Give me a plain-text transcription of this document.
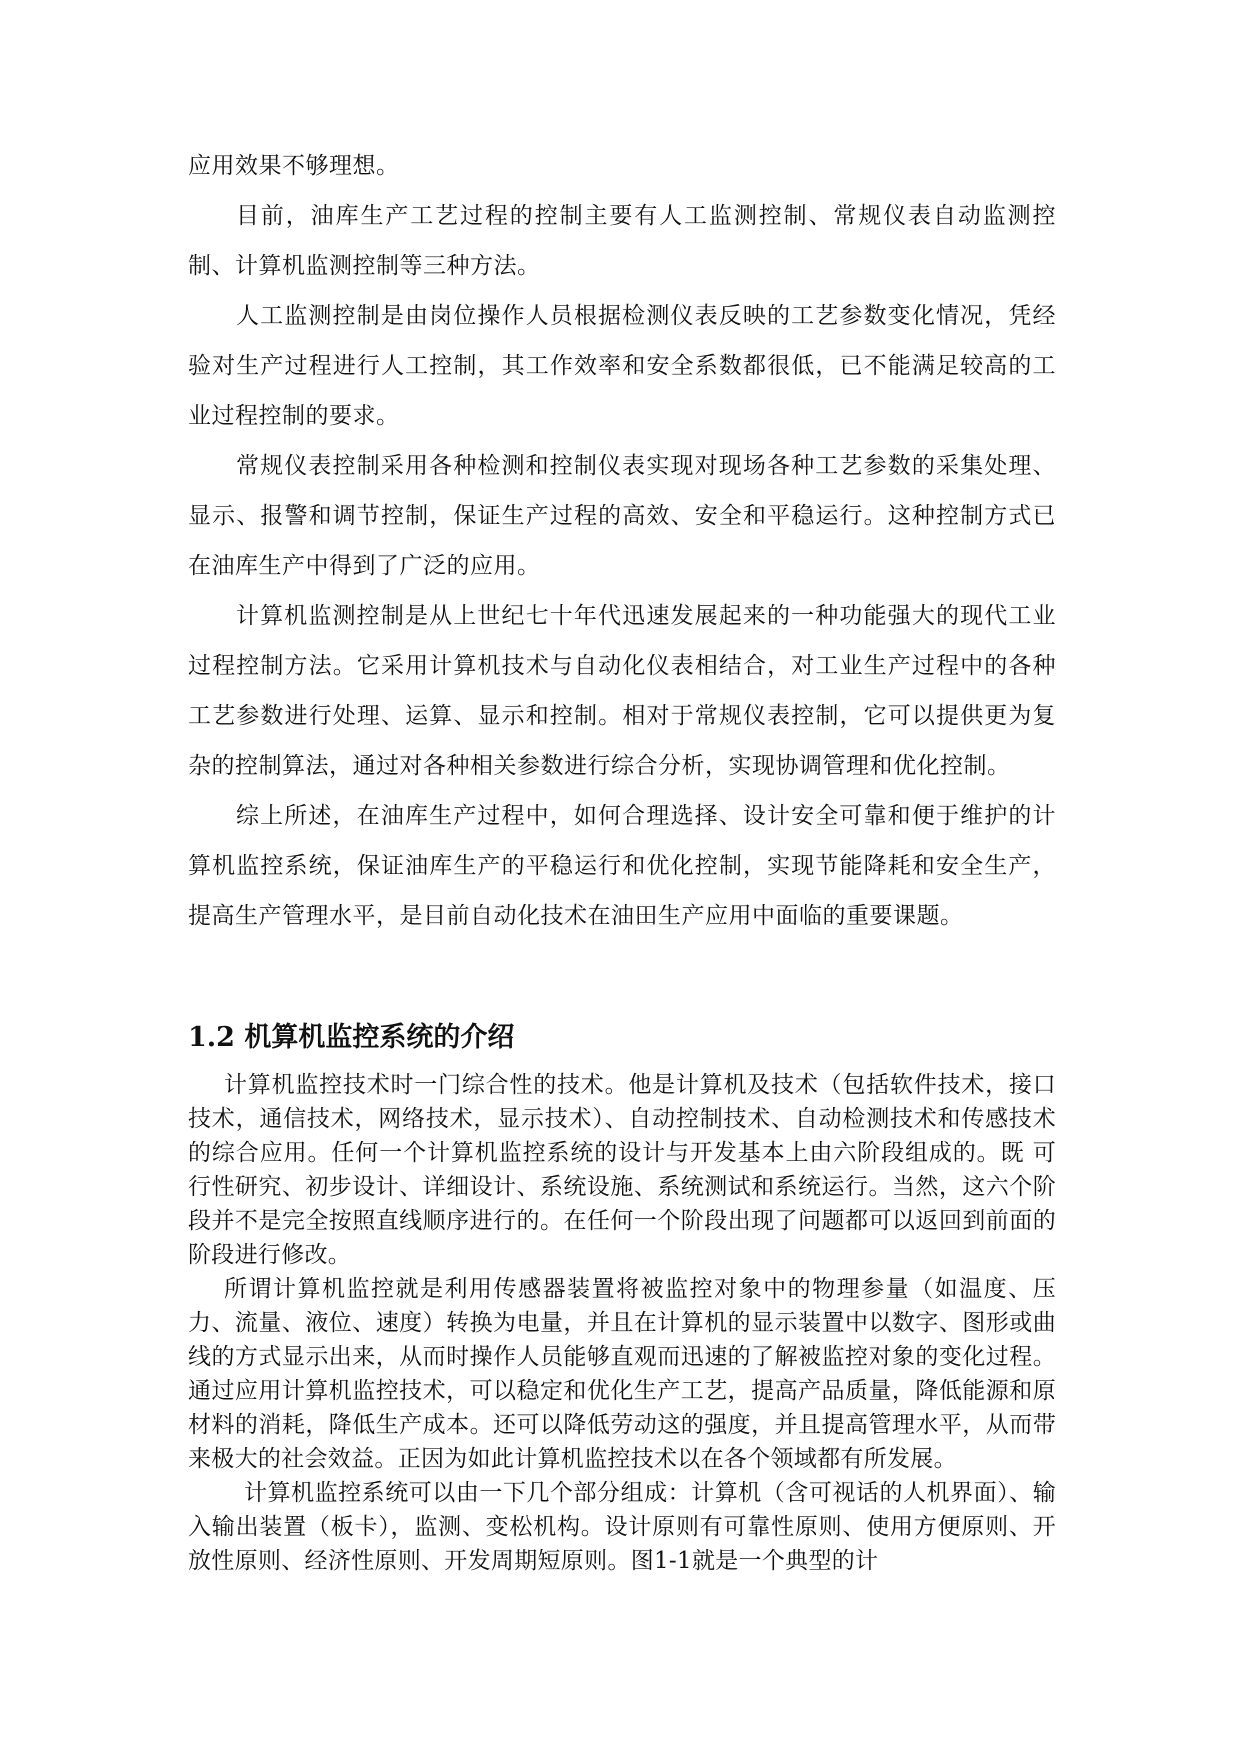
应用效果不够理想。

目前，油库生产工艺过程的控制主要有人工监测控制、常规仪表自动监测控制、计算机监测控制等三种方法。

人工监测控制是由岗位操作人员根据检测仪表反映的工艺参数变化情况，凭经验对生产过程进行人工控制，其工作效率和安全系数都很低，已不能满足较高的工业过程控制的要求。

常规仪表控制采用各种检测和控制仪表实现对现场各种工艺参数的采集处理、显示、报警和调节控制，保证生产过程的高效、安全和平稳运行。这种控制方式已在油库生产中得到了广泛的应用。

计算机监测控制是从上世纪七十年代迅速发展起来的一种功能强大的现代工业过程控制方法。它采用计算机技术与自动化仪表相结合，对工业生产过程中的各种工艺参数进行处理、运算、显示和控制。相对于常规仪表控制，它可以提供更为复杂的控制算法，通过对各种相关参数进行综合分析，实现协调管理和优化控制。

综上所述，在油库生产过程中，如何合理选择、设计安全可靠和便于维护的计算机监控系统，保证油库生产的平稳运行和优化控制，实现节能降耗和安全生产，提高生产管理水平，是目前自动化技术在油田生产应用中面临的重要课题。

1.2 机算机监控系统的介绍

计算机监控技术时一门综合性的技术。他是计算机及技术（包括软件技术，接口技术，通信技术，网络技术，显示技术）、自动控制技术、自动检测技术和传感技术的综合应用。任何一个计算机监控系统的设计与开发基本上由六阶段组成的。既 可行性研究、初步设计、详细设计、系统设施、系统测试和系统运行。当然，这六个阶段并不是完全按照直线顺序进行的。在任何一个阶段出现了问题都可以返回到前面的阶段进行修改。

所谓计算机监控就是利用传感器装置将被监控对象中的物理参量（如温度、压力、流量、液位、速度）转换为电量，并且在计算机的显示装置中以数字、图形或曲线的方式显示出来，从而时操作人员能够直观而迅速的了解被监控对象的变化过程。通过应用计算机监控技术，可以稳定和优化生产工艺，提高产品质量，降低能源和原材料的消耗，降低生产成本。还可以降低劳动这的强度，并且提高管理水平，从而带来极大的社会效益。正因为如此计算机监控技术以在各个领域都有所发展。

计算机监控系统可以由一下几个部分组成：计算机（含可视话的人机界面）、输入输出装置（板卡），监测、变松机构。设计原则有可靠性原则、使用方便原则、开放性原则、经济性原则、开发周期短原则。图1-1就是一个典型的计
